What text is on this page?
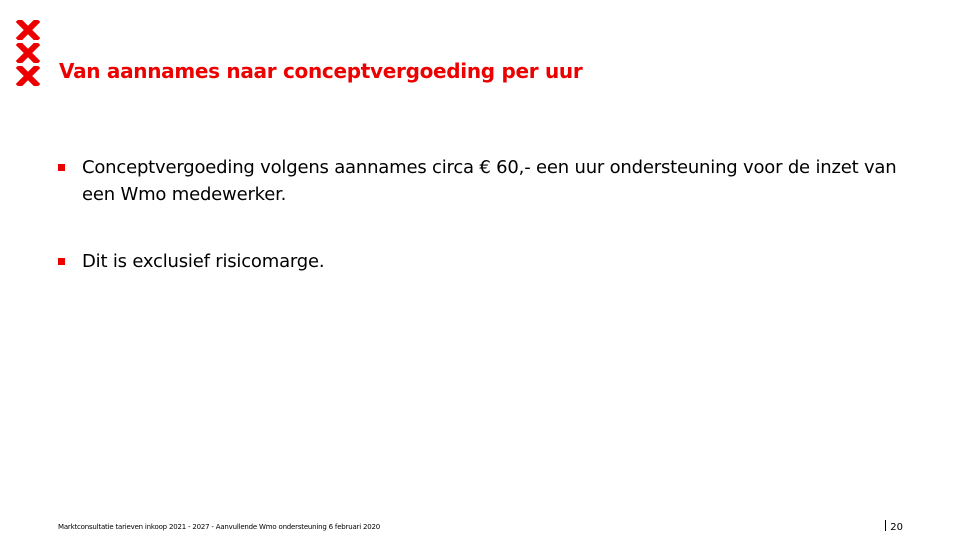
Van aannames naar conceptvergoeding per uur
Conceptvergoeding volgens aannames circa € 60,- een uur ondersteuning voor de inzet van een Wmo medewerker.
Dit is exclusief risicomarge.
Marktconsultatie tarieven inkoop 2021 - 2027 - Aanvullende Wmo ondersteuning 6 februari 2020	20
